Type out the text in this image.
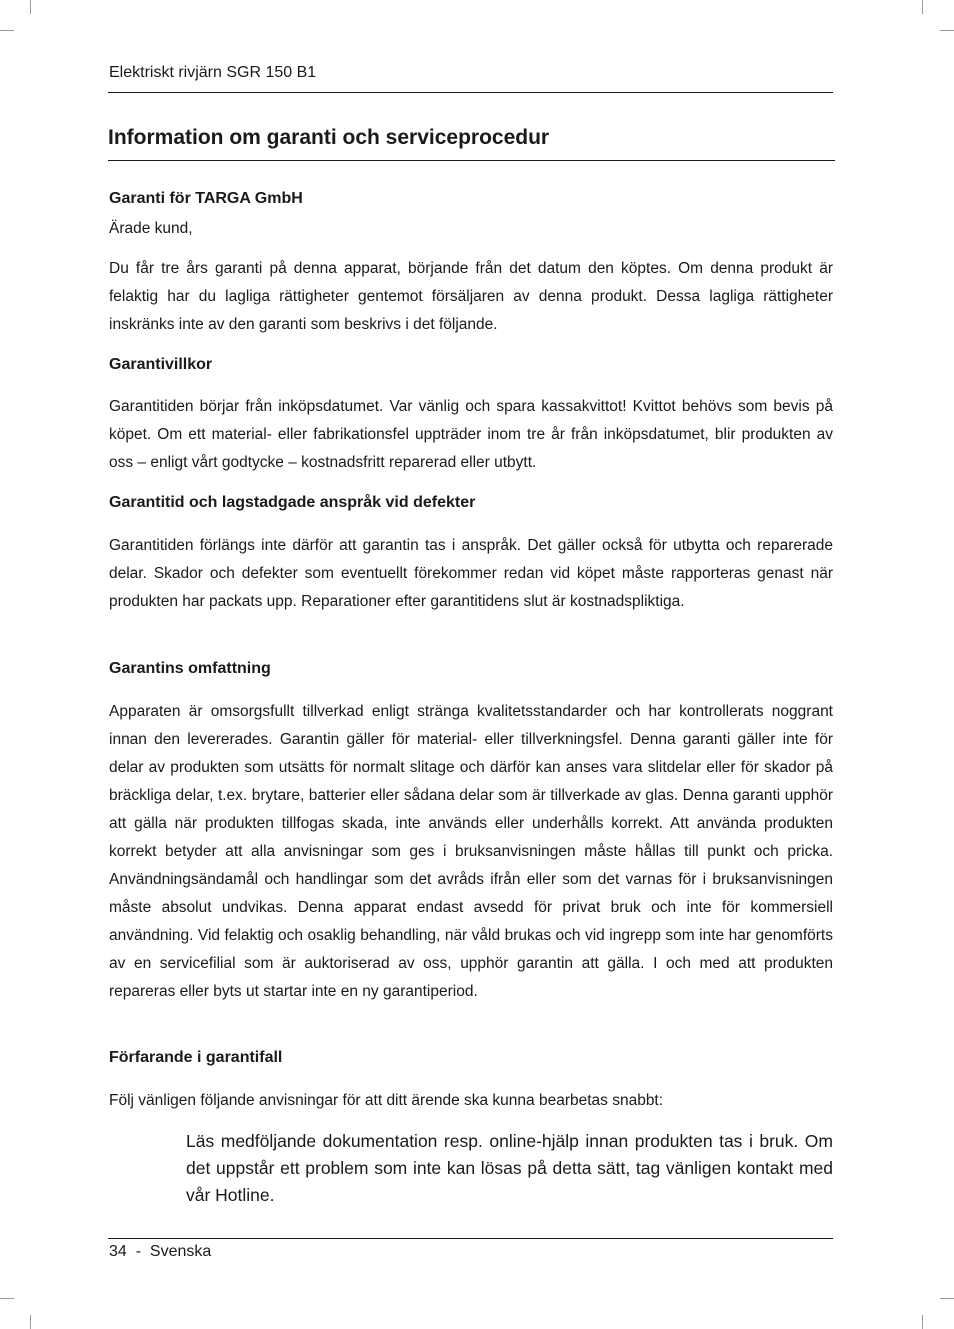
Elektriskt rivjärn SGR 150 B1
Information om garanti och serviceprocedur
Garanti för TARGA GmbH
Ärade kund,
Du får tre års garanti på denna apparat, börjande från det datum den köptes. Om denna produkt är felaktig har du lagliga rättigheter gentemot försäljaren av denna produkt. Dessa lagliga rättigheter inskränks inte av den garanti som beskrivs i det följande.
Garantivillkor
Garantitiden börjar från inköpsdatumet. Var vänlig och spara kassakvittot! Kvittot behövs som bevis på köpet. Om ett material- eller fabrikationsfel uppträder inom tre år från inköpsdatumet, blir produkten av oss – enligt vårt godtycke – kostnadsfritt reparerad eller utbytt.
Garantitid och lagstadgade anspråk vid defekter
Garantitiden förlängs inte därför att garantin tas i anspråk. Det gäller också för utbytta och reparerade delar. Skador och defekter som eventuellt förekommer redan vid köpet måste rapporteras genast när produkten har packats upp. Reparationer efter garantitidens slut är kostnadspliktiga.
Garantins omfattning
Apparaten är omsorgsfullt tillverkad enligt stränga kvalitetsstandarder och har kontrollerats noggrant innan den levererades. Garantin gäller för material- eller tillverkningsfel. Denna garanti gäller inte för delar av produkten som utsätts för normalt slitage och därför kan anses vara slitdelar eller för skador på bräckliga delar, t.ex. brytare, batterier eller sådana delar som är tillverkade av glas. Denna garanti upphör att gälla när produkten tillfogas skada, inte används eller underhålls korrekt. Att använda produkten korrekt betyder att alla anvisningar som ges i bruksanvisningen måste hållas till punkt och pricka. Användningsändamål och handlingar som det avråds ifrån eller som det varnas för i bruksanvisningen måste absolut undvikas. Denna apparat endast avsedd för privat bruk och inte för kommersiell användning. Vid felaktig och osaklig behandling, när våld brukas och vid ingrepp som inte har genomförts av en servicefilial som är auktoriserad av oss, upphör garantin att gälla. I och med att produkten repareras eller byts ut startar inte en ny garantiperiod.
Förfarande i garantifall
Följ vänligen följande anvisningar för att ditt ärende ska kunna bearbetas snabbt:
Läs medföljande dokumentation resp. online-hjälp innan produkten tas i bruk. Om det uppstår ett problem som inte kan lösas på detta sätt, tag vänligen kontakt med vår Hotline.
34  -  Svenska
